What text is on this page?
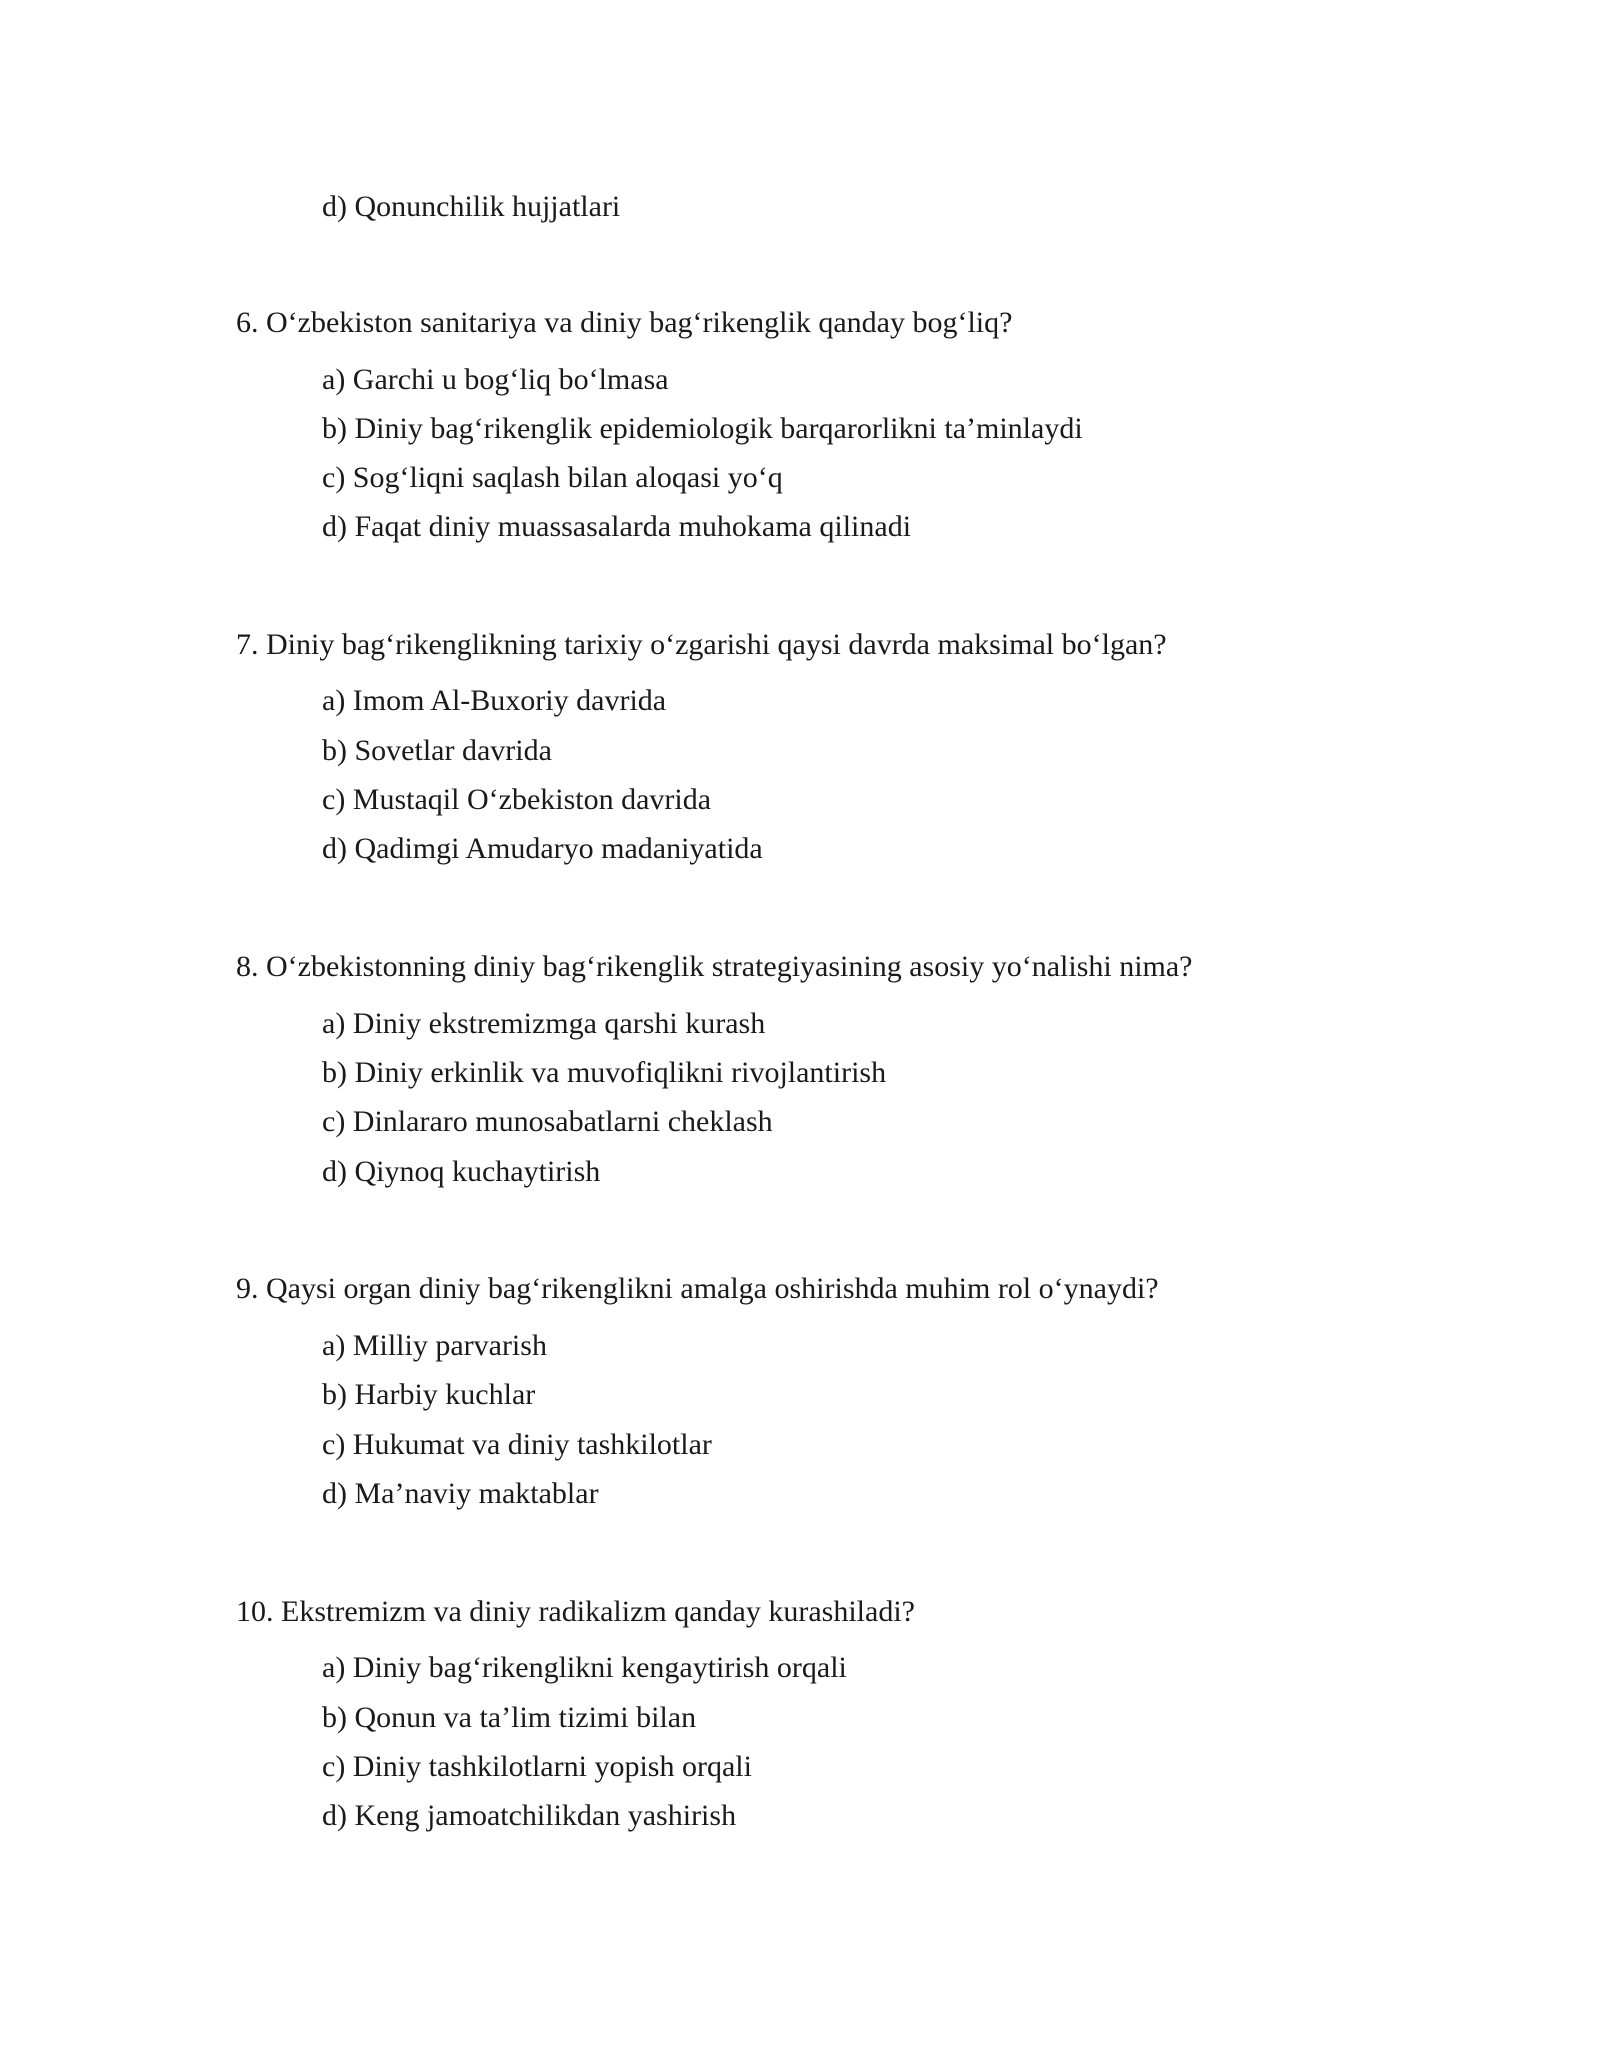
d) Qonunchilik hujjatlari
6. O‘zbekiston sanitariya va diniy bag‘rikenglik qanday bog‘liq?
a) Garchi u bog‘liq bo‘lmasa
b) Diniy bag‘rikenglik epidemiologik barqarorlikni ta’minlaydi
c) Sog‘liqni saqlash bilan aloqasi yo‘q
d) Faqat diniy muassasalarda muhokama qilinadi
7. Diniy bag‘rikenglikning tarixiy o‘zgarishi qaysi davrda maksimal bo‘lgan?
a) Imom Al-Buxoriy davrida
b) Sovetlar davrida
c) Mustaqil O‘zbekiston davrida
d) Qadimgi Amudaryo madaniyatida
8. O‘zbekistonning diniy bag‘rikenglik strategiyasining asosiy yo‘nalishi nima?
a) Diniy ekstremizmga qarshi kurash
b) Diniy erkinlik va muvofiqlikni rivojlantirish
c) Dinlararo munosabatlarni cheklash
d) Qiynoq kuchaytirish
9. Qaysi organ diniy bag‘rikenglikni amalga oshirishda muhim rol o‘ynaydi?
a) Milliy parvarish
b) Harbiy kuchlar
c) Hukumat va diniy tashkilotlar
d) Ma’naviy maktablar
10. Ekstremizm va diniy radikalizm qanday kurashiladi?
a) Diniy bag‘rikenglikni kengaytirish orqali
b) Qonun va ta’lim tizimi bilan
c) Diniy tashkilotlarni yopish orqali
d) Keng jamoatchilikdan yashirish
